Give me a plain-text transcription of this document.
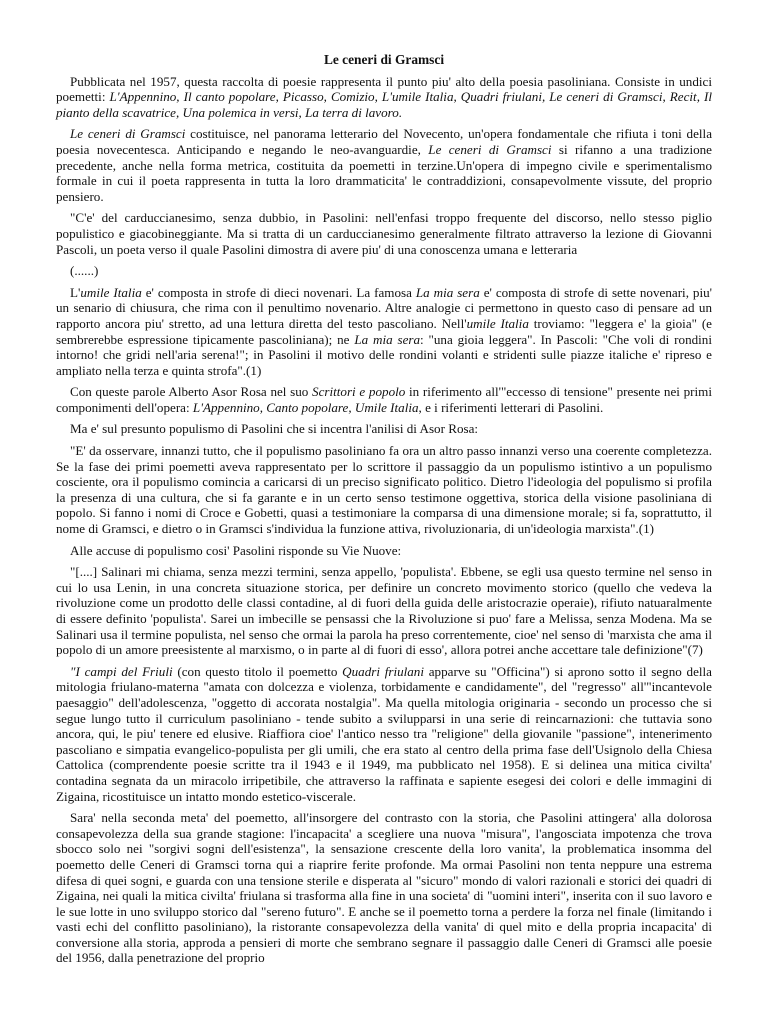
Le ceneri di Gramsci

Pubblicata nel 1957, questa raccolta di poesie rappresenta il punto piu' alto della poesia pasoliniana. Consiste in undici poemetti: L'Appennino, Il canto popolare, Picasso, Comizio, L'umile Italia, Quadri friulani, Le ceneri di Gramsci, Recit, Il pianto della scavatrice, Una polemica in versi, La terra di lavoro.

Le ceneri di Gramsci costituisce, nel panorama letterario del Novecento, un'opera fondamentale che rifiuta i toni della poesia novecentesca. Anticipando e negando le neo-avanguardie, Le ceneri di Gramsci si rifanno a una tradizione precedente, anche nella forma metrica, costituita da poemetti in terzine.Un'opera di impegno civile e sperimentalismo formale in cui il poeta rappresenta in tutta la loro drammaticita' le contraddizioni, consapevolmente vissute, del proprio pensiero.

"C'e' del carduccianesimo, senza dubbio, in Pasolini: nell'enfasi troppo frequente del discorso, nello stesso piglio populistico e giacobineggiante. Ma si tratta di un carduccianesimo generalmente filtrato attraverso la lezione di Giovanni Pascoli, un poeta verso il quale Pasolini dimostra di avere piu' di una conoscenza umana e letteraria

(......)

L'umile Italia e' composta in strofe di dieci novenari. La famosa La mia sera e' composta di strofe di sette novenari, piu' un senario di chiusura, che rima con il penultimo novenario. Altre analogie ci permettono in questo caso di pensare ad un rapporto ancora piu' stretto, ad una lettura diretta del testo pascoliano. Nell'umile Italia troviamo: "leggera e' la gioia" (e sembrerebbe espressione tipicamente pascoliniana); ne La mia sera: "una gioia leggera". In Pascoli: "Che voli di rondini intorno! che gridi nell'aria serena!"; in Pasolini il motivo delle rondini volanti e stridenti sulle piazze italiche e' ripreso e ampliato nella terza e quinta strofa".(1)

Con queste parole Alberto Asor Rosa nel suo Scrittori e popolo in riferimento all'"eccesso di tensione" presente nei primi componimenti dell'opera: L'Appennino, Canto popolare, Umile Italia, e i riferimenti letterari di Pasolini.

Ma e' sul presunto populismo di Pasolini che si incentra l'anilisi di Asor Rosa:

"E' da osservare, innanzi tutto, che il populismo pasoliniano fa ora un altro passo innanzi verso una coerente completezza. Se la fase dei primi poemetti aveva rappresentato per lo scrittore il passaggio da un populismo istintivo a un populismo cosciente, ora il populismo comincia a caricarsi di un preciso significato politico. Dietro l'ideologia del populismo si profila la presenza di una cultura, che si fa garante e in un certo senso testimone oggettiva, storica della visione pasoliniana di popolo. Si fanno i nomi di Croce e Gobetti, quasi a testimoniare la comparsa di una dimensione morale; si fa, soprattutto, il nome di Gramsci, e dietro o in Gramsci s'individua la funzione attiva, rivoluzionaria, di un'ideologia marxista".(1)

Alle accuse di populismo cosi' Pasolini risponde su Vie Nuove:

"[....] Salinari mi chiama, senza mezzi termini, senza appello, 'populista'. Ebbene, se egli usa questo termine nel senso in cui lo usa Lenin, in una concreta situazione storica, per definire un concreto movimento storico (quello che vedeva la rivoluzione come un prodotto delle classi contadine, al di fuori della guida delle aristocrazie operaie), rifiuto natuaralmente di essere definito 'populista'. Sarei un imbecille se pensassi che la Rivoluzione si puo' fare a Melissa, senza Modena. Ma se Salinari usa il termine populista, nel senso che ormai la parola ha preso correntemente, cioe' nel senso di 'marxista che ama il popolo di un amore preesistente al marxismo, o in parte al di fuori di esso', allora potrei anche accettare tale definizione"(7)

"I campi del Friuli (con questo titolo il poemetto Quadri friulani apparve su "Officina") si aprono sotto il segno della mitologia friulano-materna "amata con dolcezza e violenza, torbidamente e candidamente", del "regresso" all'"incantevole paesaggio" dell'adolescenza, "oggetto di accorata nostalgia". Ma quella mitologia originaria - secondo un processo che si segue lungo tutto il curriculum pasoliniano - tende subito a svilupparsi in una serie di reincarnazioni: che tuttavia sono ancora, qui, le piu' tenere ed elusive. Riaffiora cioe' l'antico nesso tra "religione" della giovanile "passione", intenerimento pascoliano e simpatia evangelico-populista per gli umili, che era stato al centro della prima fase dell'Usignolo della Chiesa Cattolica (comprendente poesie scritte tra il 1943 e il 1949, ma pubblicato nel 1958). E si delinea una mitica civilta' contadina segnata da un miracolo irripetibile, che attraverso la raffinata e sapiente esegesi dei colori e delle immagini di Zigaina, ricostituisce un intatto mondo estetico-viscerale.

Sara' nella seconda meta' del poemetto, all'insorgere del contrasto con la storia, che Pasolini attingera' alla dolorosa consapevolezza della sua grande stagione: l'incapacita' a scegliere una nuova "misura", l'angosciata impotenza che trova sbocco solo nei "sorgivi sogni dell'esistenza", la sensazione crescente della loro vanita', la problematica insomma del poemetto delle Ceneri di Gramsci torna qui a riaprire ferite profonde. Ma ormai Pasolini non tenta neppure una estrema difesa di quei sogni, e guarda con una tensione sterile e disperata al "sicuro" mondo di valori razionali e storici dei quadri di Zigaina, nei quali la mitica civilta' friulana si trasforma alla fine in una societa' di "uomini interi", inserita con il suo lavoro e le sue lotte in uno sviluppo storico dal "sereno futuro". E anche se il poemetto torna a perdere la forza nel finale (limitando i vasti echi del conflitto pasoliniano), la ristorante consapevolezza della vanita' di quel mito e della propria incapacita' di conversione alla storia, approda a pensieri di morte che sembrano segnare il passaggio dalle Ceneri di Gramsci alle poesie del 1956, dalla penetrazione del proprio
